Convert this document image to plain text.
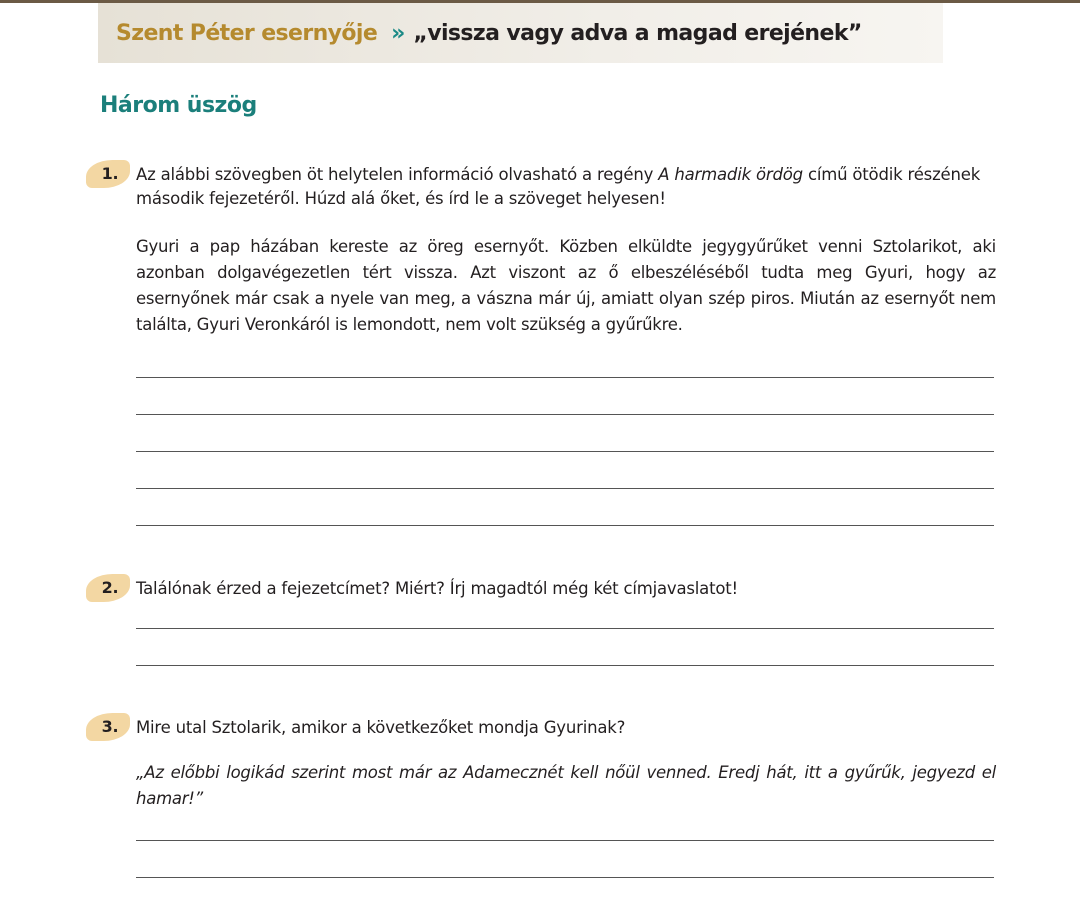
Szent Péter esernyője » „vissza vagy adva a magad erejének”
Három üszög
1.	Az alábbi szövegben öt helytelen információ olvasható a regény A harmadik ördög című ötödik részének második fejezetéről. Húzd alá őket, és írd le a szöveget helyesen!
Gyuri a pap házában kereste az öreg esernyőt. Közben elküldte jegygyűrűket venni Sztolarikot, aki azonban dolgavégezetlen tért vissza. Azt viszont az ő elbeszéléséből tudta meg Gyuri, hogy az esernyőnek már csak a nyele van meg, a vászna már új, amiatt olyan szép piros. Miután az esernyőt nem találta, Gyuri Veronkáról is lemondott, nem volt szükség a gyűrűkre.
2.	Találónak érzed a fejezetcímet? Miért? Írj magadtól még két címjavaslatot!
3.	Mire utal Sztolarik, amikor a következőket mondja Gyurinak?
„Az előbbi logikád szerint most már az Adamecznét kell nőül venned. Eredj hát, itt a gyűrűk, jegyezd el hamar!”
